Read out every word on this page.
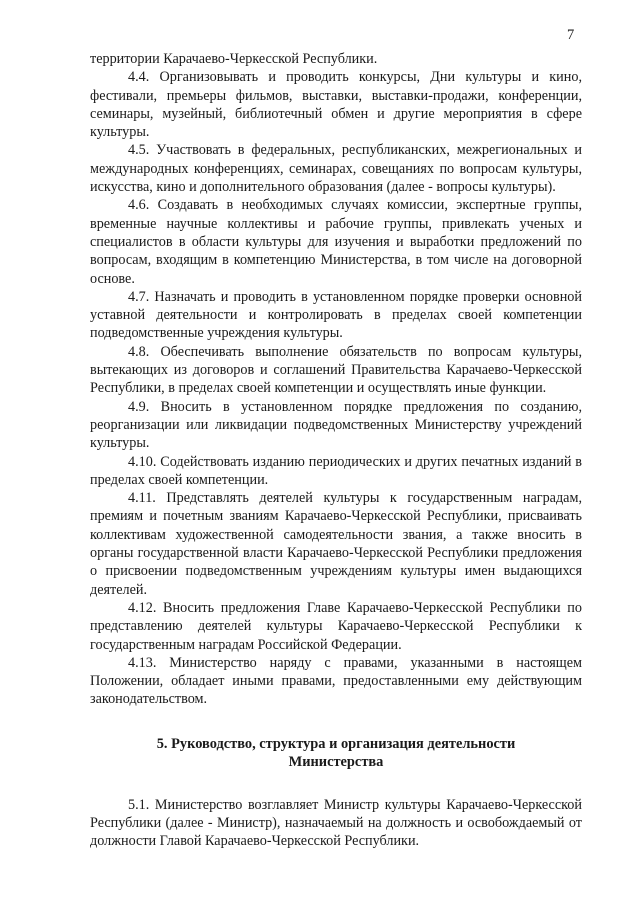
7

территории Карачаево-Черкесской Республики.

4.4. Организовывать и проводить конкурсы, Дни культуры и кино, фестивали, премьеры фильмов, выставки, выставки-продажи, конференции, семинары, музейный, библиотечный обмен и другие мероприятия в сфере культуры.

4.5. Участвовать в федеральных, республиканских, межрегиональных и международных конференциях, семинарах, совещаниях по вопросам культуры, искусства, кино и дополнительного образования (далее - вопросы культуры).

4.6. Создавать в необходимых случаях комиссии, экспертные группы, временные научные коллективы и рабочие группы, привлекать ученых и специалистов в области культуры для изучения и выработки предложений по вопросам, входящим в компетенцию Министерства, в том числе на договорной основе.

4.7. Назначать и проводить в установленном порядке проверки основной уставной деятельности и контролировать в пределах своей компетенции подведомственные учреждения культуры.

4.8. Обеспечивать выполнение обязательств по вопросам культуры, вытекающих из договоров и соглашений Правительства Карачаево-Черкесской Республики, в пределах своей компетенции и осуществлять иные функции.

4.9. Вносить в установленном порядке предложения по созданию, реорганизации или ликвидации подведомственных Министерству учреждений культуры.

4.10. Содействовать изданию периодических и других печатных изданий в пределах своей компетенции.

4.11. Представлять деятелей культуры к государственным наградам, премиям и почетным званиям Карачаево-Черкесской Республики, присваивать коллективам художественной самодеятельности звания, а также вносить в органы государственной власти Карачаево-Черкесской Республики предложения о присвоении подведомственным учреждениям культуры имен выдающихся деятелей.

4.12. Вносить предложения Главе Карачаево-Черкесской Республики по представлению деятелей культуры Карачаево-Черкесской Республики к государственным наградам Российской Федерации.

4.13. Министерство наряду с правами, указанными в настоящем Положении, обладает иными правами, предоставленными ему действующим законодательством.

5. Руководство, структура и организация деятельности
Министерства

5.1. Министерство возглавляет Министр культуры Карачаево-Черкесской Республики (далее - Министр), назначаемый на должность и освобождаемый от должности Главой Карачаево-Черкесской Республики.
